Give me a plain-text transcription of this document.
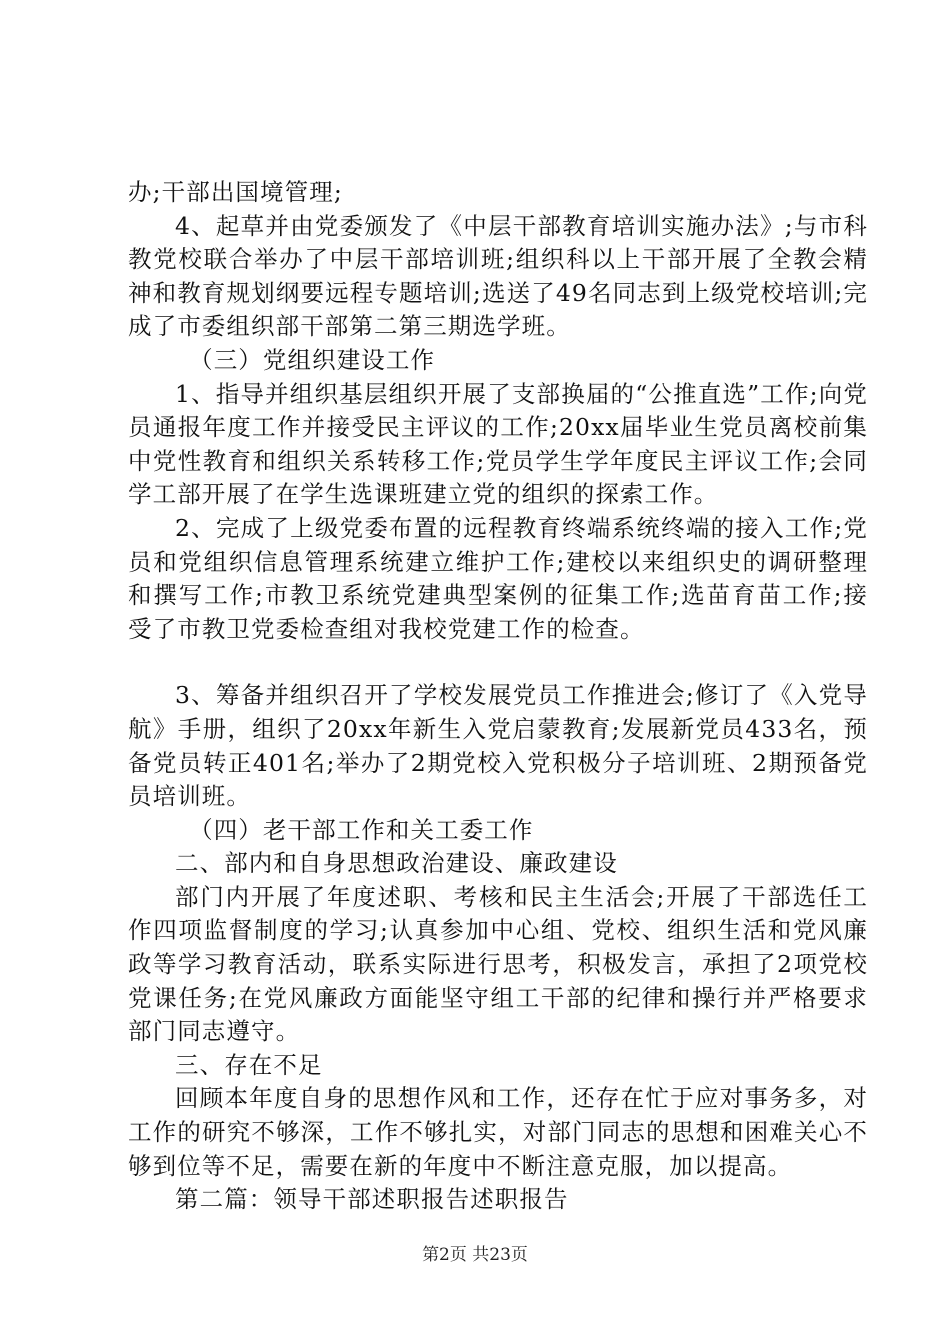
办;干部出国境管理;

4、起草并由党委颁发了《中层干部教育培训实施办法》;与市科教党校联合举办了中层干部培训班;组织科以上干部开展了全教会精神和教育规划纲要远程专题培训;选送了49名同志到上级党校培训;完成了市委组织部干部第二第三期选学班。

（三）党组织建设工作

1、指导并组织基层组织开展了支部换届的“公推直选”工作;向党员通报年度工作并接受民主评议的工作;20xx届毕业生党员离校前集中党性教育和组织关系转移工作;党员学生学年度民主评议工作;会同学工部开展了在学生选课班建立党的组织的探索工作。

2、完成了上级党委布置的远程教育终端系统终端的接入工作;党员和党组织信息管理系统建立维护工作;建校以来组织史的调研整理和撰写工作;市教卫系统党建典型案例的征集工作;选苗育苗工作;接受了市教卫党委检查组对我校党建工作的检查。

3、筹备并组织召开了学校发展党员工作推进会;修订了《入党导航》手册，组织了20xx年新生入党启蒙教育;发展新党员433名，预备党员转正401名;举办了2期党校入党积极分子培训班、2期预备党员培训班。

（四）老干部工作和关工委工作

二、部内和自身思想政治建设、廉政建设

部门内开展了年度述职、考核和民主生活会;开展了干部选任工作四项监督制度的学习;认真参加中心组、党校、组织生活和党风廉政等学习教育活动，联系实际进行思考，积极发言，承担了2项党校党课任务;在党风廉政方面能坚守组工干部的纪律和操行并严格要求部门同志遵守。

三、存在不足

回顾本年度自身的思想作风和工作，还存在忙于应对事务多，对工作的研究不够深，工作不够扎实，对部门同志的思想和困难关心不够到位等不足，需要在新的年度中不断注意克服，加以提高。

第二篇：领导干部述职报告述职报告

第2页 共23页
